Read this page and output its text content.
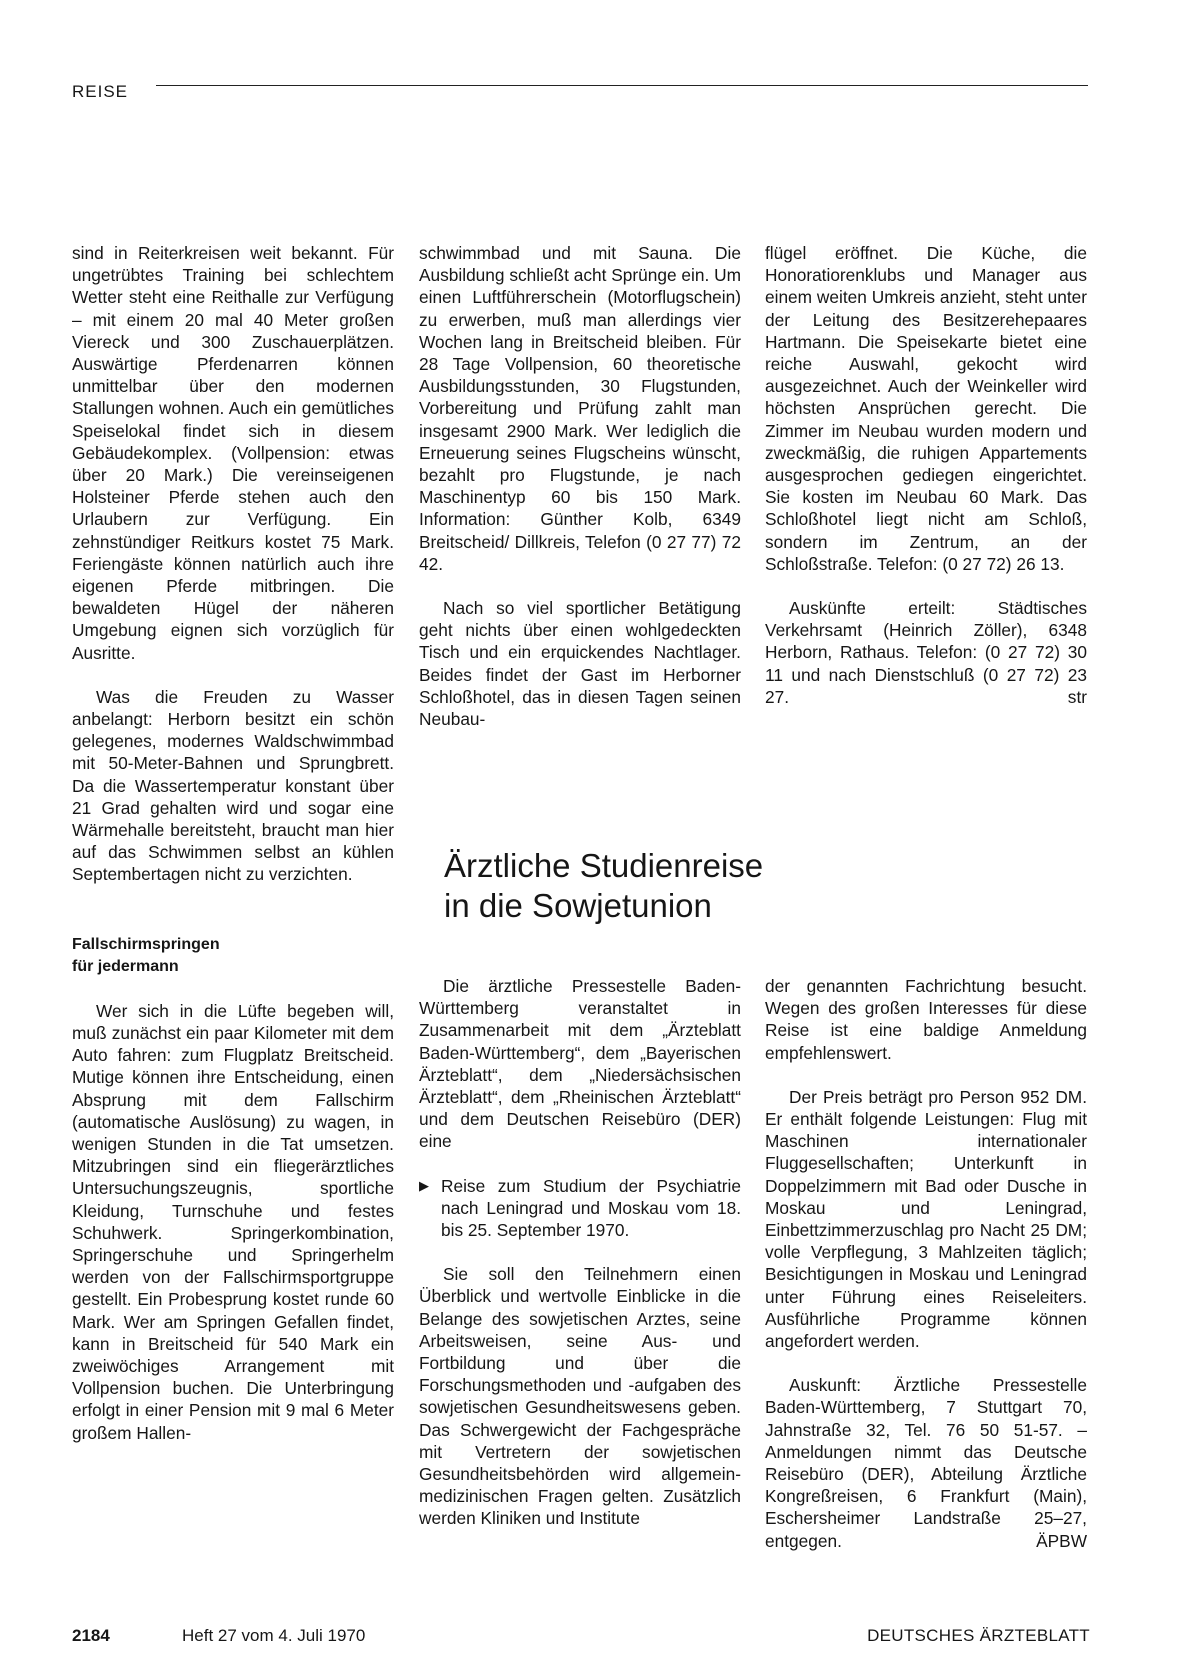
REISE

sind in Reiterkreisen weit bekannt. Für ungetrübtes Training bei schlechtem Wetter steht eine Reithalle zur Verfügung – mit einem 20 mal 40 Meter großen Viereck und 300 Zuschauerplätzen. Auswärtige Pferdenarren können unmittelbar über den modernen Stallungen wohnen. Auch ein gemütliches Speiselokal findet sich in diesem Gebäudekomplex. (Vollpension: etwas über 20 Mark.) Die vereinseigenen Holsteiner Pferde stehen auch den Urlaubern zur Verfügung. Ein zehnstündiger Reitkurs kostet 75 Mark. Feriengäste können natürlich auch ihre eigenen Pferde mitbringen. Die bewaldeten Hügel der näheren Umgebung eignen sich vorzüglich für Ausritte.

Was die Freuden zu Wasser anbelangt: Herborn besitzt ein schön gelegenes, modernes Waldschwimmbad mit 50-Meter-Bahnen und Sprungbrett. Da die Wassertemperatur konstant über 21 Grad gehalten wird und sogar eine Wärmehalle bereitsteht, braucht man hier auf das Schwimmen selbst an kühlen Septembertagen nicht zu verzichten.

Fallschirmspringen
für jedermann

Wer sich in die Lüfte begeben will, muß zunächst ein paar Kilometer mit dem Auto fahren: zum Flugplatz Breitscheid. Mutige können ihre Entscheidung, einen Absprung mit dem Fallschirm (automatische Auslösung) zu wagen, in wenigen Stunden in die Tat umsetzen. Mitzubringen sind ein fliegerärztliches Untersuchungszeugnis, sportliche Kleidung, Turnschuhe und festes Schuhwerk. Springerkombination, Springerschuhe und Springerhelm werden von der Fallschirmsportgruppe gestellt. Ein Probesprung kostet runde 60 Mark. Wer am Springen Gefallen findet, kann in Breitscheid für 540 Mark ein zweiwöchiges Arrangement mit Vollpension buchen. Die Unterbringung erfolgt in einer Pension mit 9 mal 6 Meter großem Hallen-

schwimmbad und mit Sauna. Die Ausbildung schließt acht Sprünge ein. Um einen Luftführerschein (Motorflugschein) zu erwerben, muß man allerdings vier Wochen lang in Breitscheid bleiben. Für 28 Tage Vollpension, 60 theoretische Ausbildungsstunden, 30 Flugstunden, Vorbereitung und Prüfung zahlt man insgesamt 2900 Mark. Wer lediglich die Erneuerung seines Flugscheins wünscht, bezahlt pro Flugstunde, je nach Maschinentyp 60 bis 150 Mark. Information: Günther Kolb, 6349 Breitscheid/ Dillkreis, Telefon (0 27 77) 72 42.

Nach so viel sportlicher Betätigung geht nichts über einen wohlgedeckten Tisch und ein erquickendes Nachtlager. Beides findet der Gast im Herborner Schloßhotel, das in diesen Tagen seinen Neubau-

flügel eröffnet. Die Küche, die Honoratiorenklubs und Manager aus einem weiten Umkreis anzieht, steht unter der Leitung des Besitzerehepaares Hartmann. Die Speisekarte bietet eine reiche Auswahl, gekocht wird ausgezeichnet. Auch der Weinkeller wird höchsten Ansprüchen gerecht. Die Zimmer im Neubau wurden modern und zweckmäßig, die ruhigen Appartements ausgesprochen gediegen eingerichtet. Sie kosten im Neubau 60 Mark. Das Schloßhotel liegt nicht am Schloß, sondern im Zentrum, an der Schloßstraße. Telefon: (0 27 72) 26 13.

Auskünfte erteilt: Städtisches Verkehrsamt (Heinrich Zöller), 6348 Herborn, Rathaus. Telefon: (0 27 72) 30 11 und nach Dienstschluß (0 27 72) 23 27.	str
Ärztliche Studienreise
in die Sowjetunion

Die ärztliche Pressestelle Baden-Württemberg veranstaltet in Zusammenarbeit mit dem „Ärzteblatt Baden-Württemberg“, dem „Bayerischen Ärzteblatt“, dem „Niedersächsischen Ärzteblatt“, dem „Rheinischen Ärzteblatt“ und dem Deutschen Reisebüro (DER) eine

▶ Reise zum Studium der Psychiatrie nach Leningrad und Moskau vom 18. bis 25. September 1970.

Sie soll den Teilnehmern einen Überblick und wertvolle Einblicke in die Belange des sowjetischen Arztes, seine Arbeitsweisen, seine Aus- und Fortbildung und über die Forschungsmethoden und -aufgaben des sowjetischen Gesundheitswesens geben. Das Schwergewicht der Fachgespräche mit Vertretern der sowjetischen Gesundheitsbehörden wird allgemein-medizinischen Fragen gelten. Zusätzlich werden Kliniken und Institute

der genannten Fachrichtung besucht. Wegen des großen Interesses für diese Reise ist eine baldige Anmeldung empfehlenswert.

Der Preis beträgt pro Person 952 DM. Er enthält folgende Leistungen: Flug mit Maschinen internationaler Fluggesellschaften; Unterkunft in Doppelzimmern mit Bad oder Dusche in Moskau und Leningrad, Einbettzimmerzuschlag pro Nacht 25 DM; volle Verpflegung, 3 Mahlzeiten täglich; Besichtigungen in Moskau und Leningrad unter Führung eines Reiseleiters. Ausführliche Programme können angefordert werden.

Auskunft: Ärztliche Pressestelle Baden-Württemberg, 7 Stuttgart 70, Jahnstraße 32, Tel. 76 50 51-57. – Anmeldungen nimmt das Deutsche Reisebüro (DER), Abteilung Ärztliche Kongreßreisen, 6 Frankfurt (Main), Eschersheimer Landstraße 25–27, entgegen.	ÄPBW
2184	Heft 27 vom 4. Juli 1970	DEUTSCHES ÄRZTEBLATT
